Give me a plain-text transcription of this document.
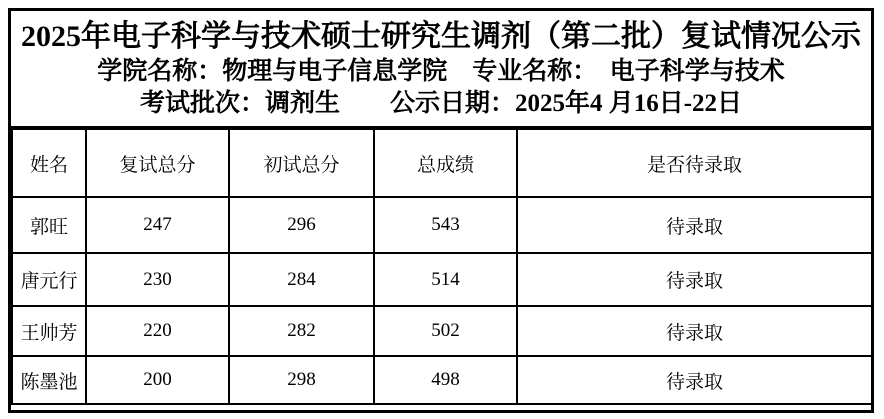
2025年电子科学与技术硕士研究生调剂（第二批）复试情况公示
学院名称：物理与电子信息学院　专业名称：　电子科学与技术
考试批次：调剂生　　公示日期：2025年4 月16日-22日
姓名	复试总分	初试总分	总成绩	是否待录取
郭旺	247	296	543	待录取
唐元行	230	284	514	待录取
王帅芳	220	282	502	待录取
陈墨池	200	298	498	待录取
